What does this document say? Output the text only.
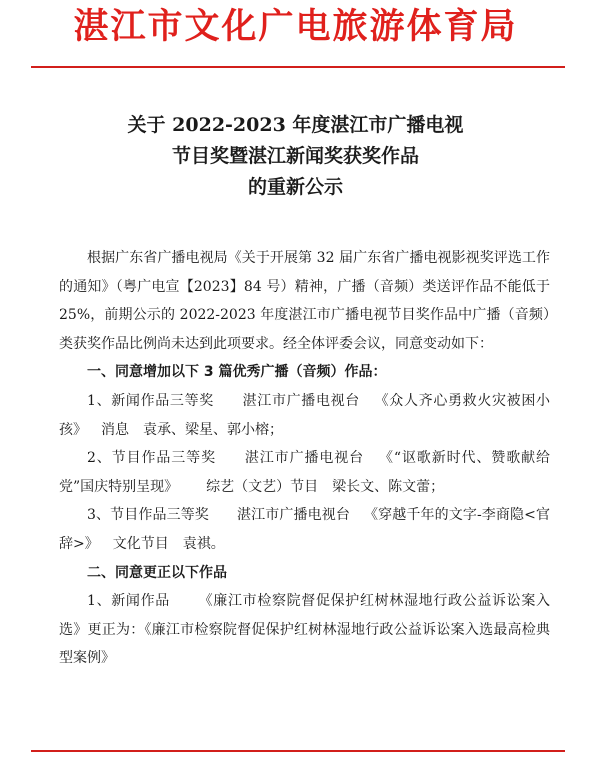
湛江市文化广电旅游体育局
关于 2022-2023 年度湛江市广播电视
节目奖暨湛江新闻奖获奖作品
的重新公示

根据广东省广播电视局《关于开展第 32 届广东省广播电视影视奖评选工作的通知》（粤广电宣【2023】84 号）精神，广播（音频）类送评作品不能低于 25%，前期公示的 2022-2023 年度湛江市广播电视节目奖作品中广播（音频）类获奖作品比例尚未达到此项要求。经全体评委会议，同意变动如下：

一、同意增加以下 3 篇优秀广播（音频）作品：

1、新闻作品三等奖 湛江市广播电视台 《众人齐心勇救火灾被困小孩》 消息 袁承、梁星、郭小榕；

2、节目作品三等奖 湛江市广播电视台 《“讴歌新时代、赞歌献给党”国庆特别呈现》 综艺（文艺）节目 梁长文、陈文蕾；

3、节目作品三等奖 湛江市广播电视台 《穿越千年的文字-李商隐<官辞>》 文化节目 袁祺。

二、同意更正以下作品

1、新闻作品 《廉江市检察院督促保护红树林湿地行政公益诉讼案入选》更正为：《廉江市检察院督促保护红树林湿地行政公益诉讼案入选最高检典型案例》
